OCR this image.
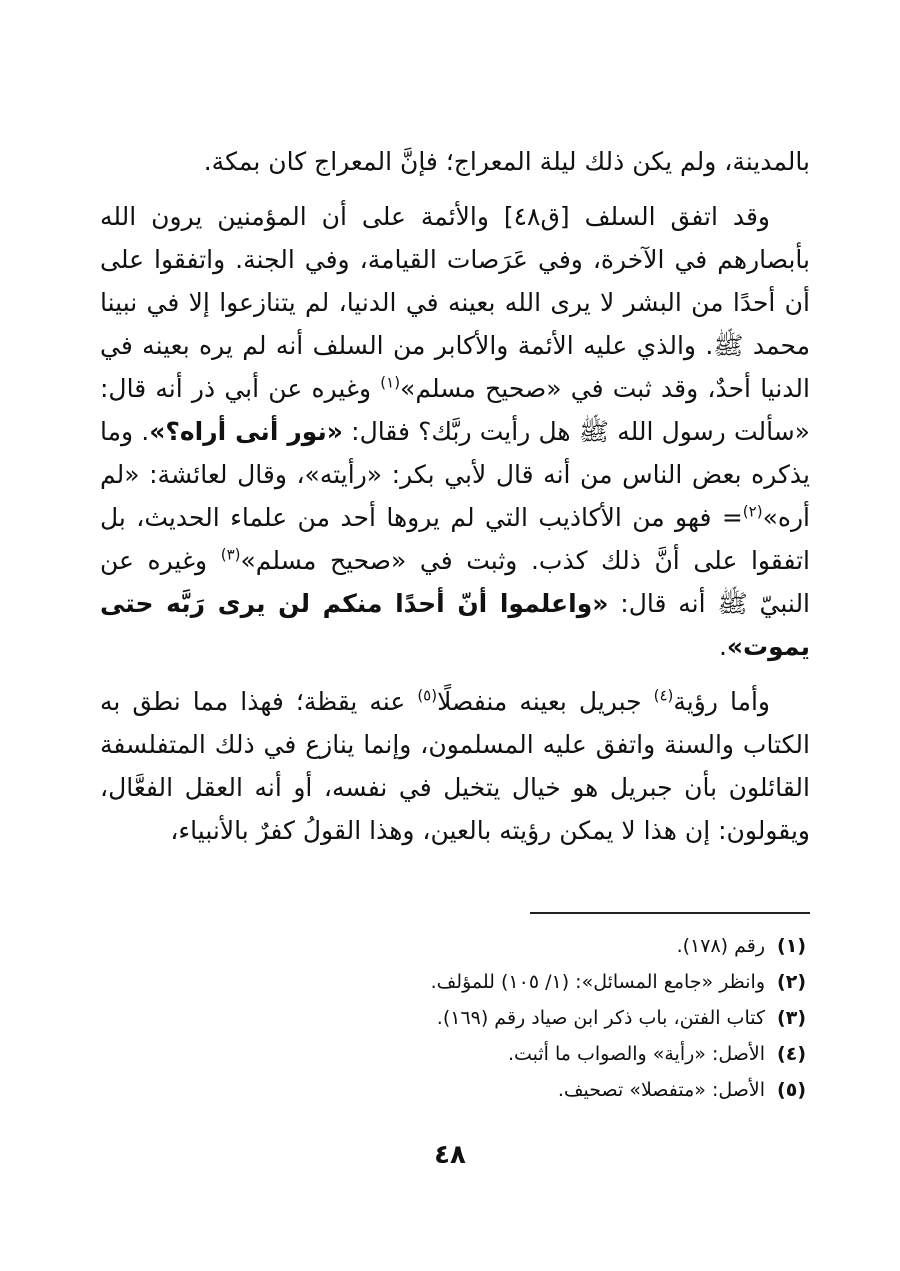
بالمدينة، ولم يكن ذلك ليلة المعراج؛ فإنَّ المعراج كان بمكة.

وقد اتفق السلف [ق٤٨] والأئمة على أن المؤمنين يرون الله بأبصارهم في الآخرة، وفي عَرَصات القيامة، وفي الجنة. واتفقوا على أن أحدًا من البشر لا يرى الله بعينه في الدنيا، لم يتنازعوا إلا في نبينا محمد ﷺ. والذي عليه الأئمة والأكابر من السلف أنه لم يره بعينه في الدنيا أحدٌ، وقد ثبت في «صحيح مسلم»$^{(١)}$ وغيره عن أبي ذر أنه قال: «سألت رسول الله ﷺ هل رأيت ربَّك؟ فقال: «نور أنى أراه؟». وما يذكره بعض الناس من أنه قال لأبي بكر: «رأيته»، وقال لعائشة: «لم أره»$^{(٢)}$= فهو من الأكاذيب التي لم يروها أحد من علماء الحديث، بل اتفقوا على أنَّ ذلك كذب. وثبت في «صحيح مسلم»$^{(٣)}$ وغيره عن النبيّ ﷺ أنه قال: «واعلموا أنّ أحدًا منكم لن يرى رَبَّه حتى يموت».

وأما رؤية$^{(٤)}$ جبريل بعينه منفصلًا$^{(٥)}$ عنه يقظة؛ فهذا مما نطق به الكتاب والسنة واتفق عليه المسلمون، وإنما ينازع في ذلك المتفلسفة القائلون بأن جبريل هو خيال يتخيل في نفسه، أو أنه العقل الفعَّال، ويقولون: إن هذا لا يمكن رؤيته بالعين، وهذا القولُ كفرٌ بالأنبياء،

(١)رقم (١٧٨).
(٢)وانظر «جامع المسائل»: (١/ ١٠٥) للمؤلف.
(٣)كتاب الفتن، باب ذكر ابن صياد رقم (١٦٩).
(٤)الأصل: «رأية» والصواب ما أثبت.
(٥)الأصل: «متفصلا» تصحيف.
٤٨
